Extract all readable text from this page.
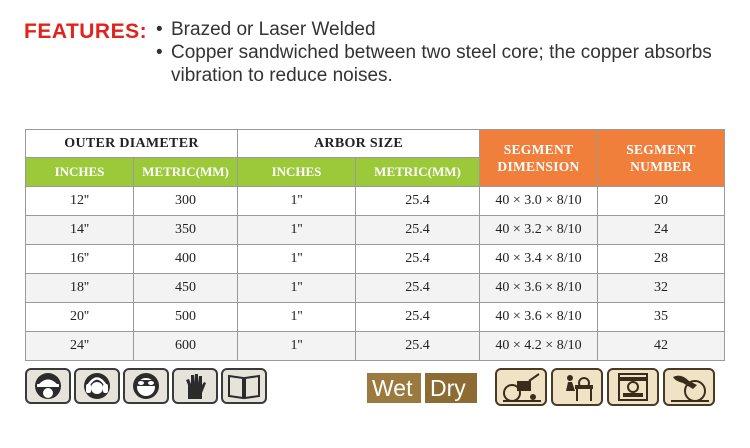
FEATURES: • Brazed or Laser Welded
• Copper sandwiched between two steel core; the copper absorbs vibration to reduce noises.
OUTER DIAMETER		ARBOR SIZE		SEGMENT DIMENSION	SEGMENT NUMBER
INCHES	METRIC(MM)	INCHES	METRIC(MM)		
12''	300	1''	25.4	40 × 3.0 × 8/10	20
14''	350	1''	25.4	40 × 3.2 × 8/10	24
16''	400	1''	25.4	40 × 3.4 × 8/10	28
18''	450	1''	25.4	40 × 3.6 × 8/10	32
20''	500	1''	25.4	40 × 3.6 × 8/10	35
24''	600	1''	25.4	40 × 4.2 × 8/10	42
Wet Dry
